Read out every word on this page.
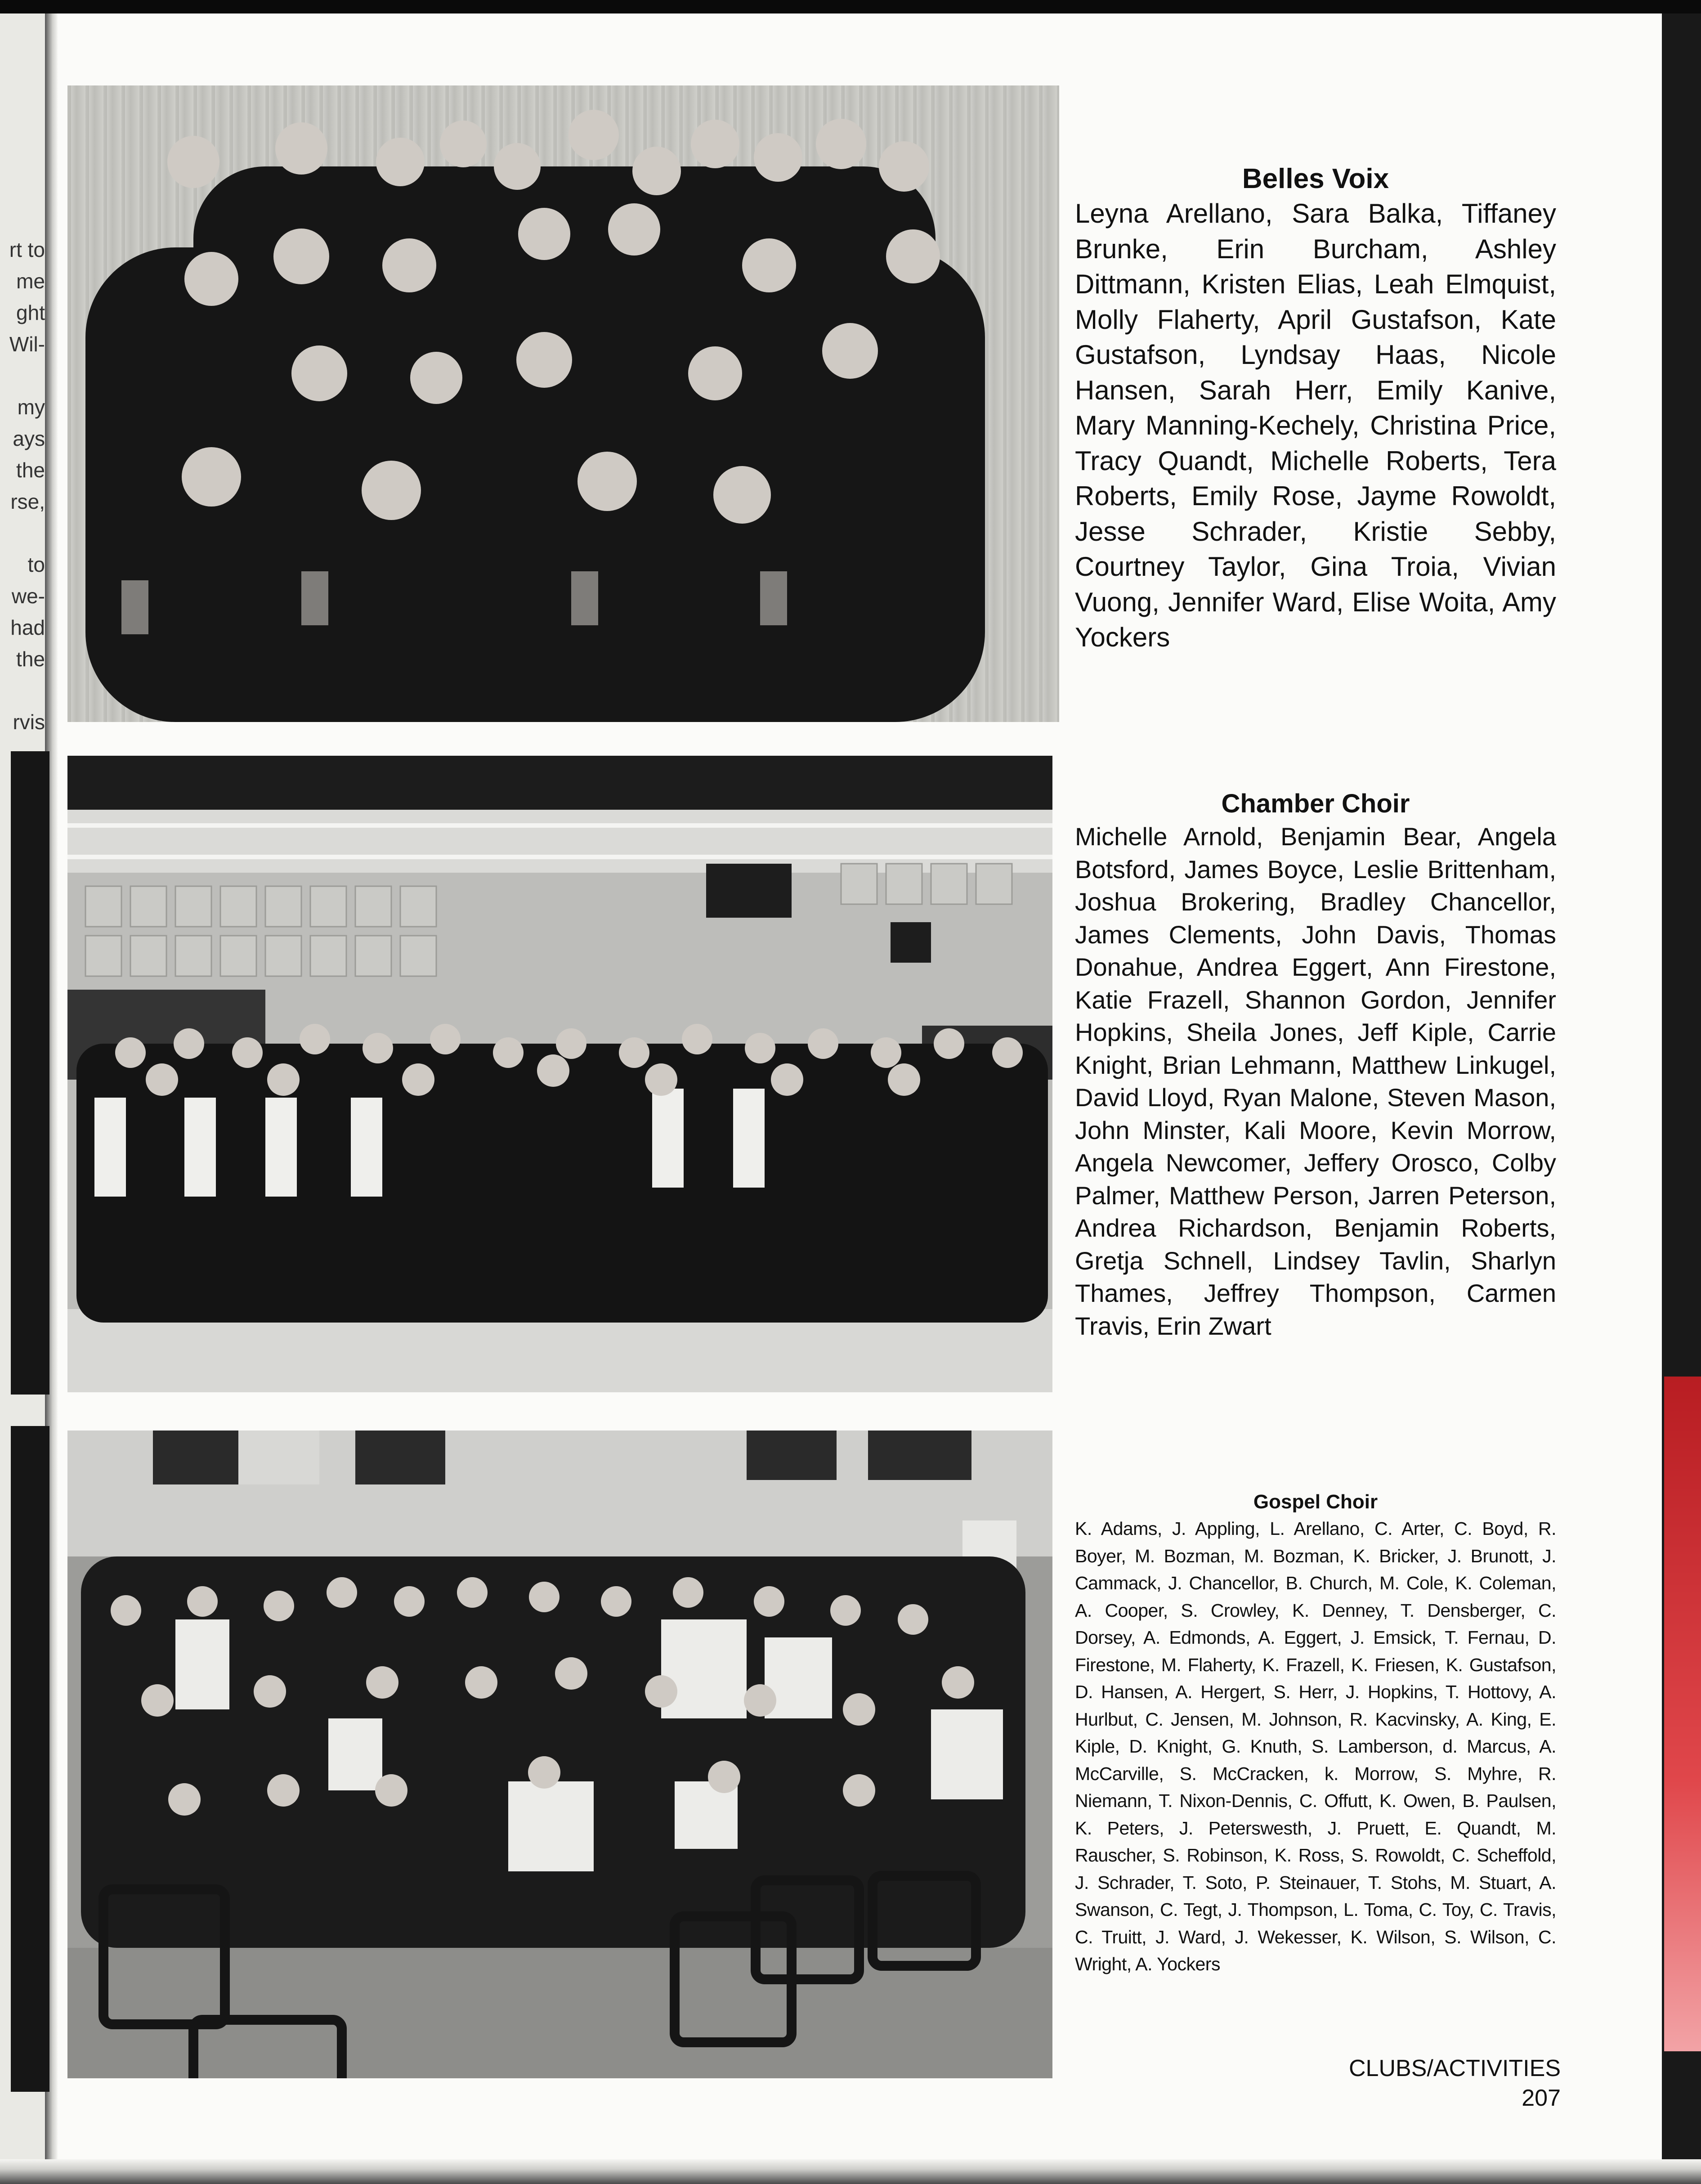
rt to
me
ght
Wil-

my
ays
the
rse,

to
we-
had
the

rvis
Belles Voix

Leyna Arellano, Sara Balka, Tiffaney Brunke, Erin Burcham, Ashley Dittmann, Kristen Elias, Leah Elmquist, Molly Flaherty, April Gustafson, Kate Gustafson, Lyndsay Haas, Nicole Hansen, Sarah Herr, Emily Kanive, Mary Manning-Kechely, Christina Price, Tracy Quandt, Michelle Roberts, Tera Roberts, Emily Rose, Jayme Rowoldt, Jesse Schrader, Kristie Sebby, Courtney Taylor, Gina Troia, Vivian Vuong, Jennifer Ward, Elise Woita, Amy Yockers

Chamber Choir

Michelle Arnold, Benjamin Bear, Angela Botsford, James Boyce, Leslie Brittenham, Joshua Brokering, Bradley Chancellor, James Clements, John Davis, Thomas Donahue, Andrea Eggert, Ann Firestone, Katie Frazell, Shannon Gordon, Jennifer Hopkins, Sheila Jones, Jeff Kiple, Carrie Knight, Brian Lehmann, Matthew Linkugel, David Lloyd, Ryan Malone, Steven Mason, John Minster, Kali Moore, Kevin Morrow, Angela Newcomer, Jeffery Orosco, Colby Palmer, Matthew Person, Jarren Peterson, Andrea Richardson, Benjamin Roberts, Gretja Schnell, Lindsey Tavlin, Sharlyn Thames, Jeffrey Thompson, Carmen Travis, Erin Zwart

Gospel Choir

K. Adams, J. Appling, L. Arellano, C. Arter, C. Boyd, R. Boyer, M. Bozman, M. Bozman, K. Bricker, J. Brunott, J. Cammack, J. Chancellor, B. Church, M. Cole, K. Coleman, A. Cooper, S. Crowley, K. Denney, T. Densberger, C. Dorsey, A. Edmonds, A. Eggert, J. Emsick, T. Fernau, D. Firestone, M. Flaherty, K. Frazell, K. Friesen, K. Gustafson, D. Hansen, A. Hergert, S. Herr, J. Hopkins, T. Hottovy, A. Hurlbut, C. Jensen, M. Johnson, R. Kacvinsky, A. King, E. Kiple, D. Knight, G. Knuth, S. Lamberson, d. Marcus, A. McCarville, S. McCracken, k. Morrow, S. Myhre, R. Niemann, T. Nixon-Dennis, C. Offutt, K. Owen, B. Paulsen, K. Peters, J. Peterswesth, J. Pruett, E. Quandt, M. Rauscher, S. Robinson, K. Ross, S. Rowoldt, C. Scheffold, J. Schrader, T. Soto, P. Steinauer, T. Stohs, M. Stuart, A. Swanson, C. Tegt, J. Thompson, L. Toma, C. Toy, C. Travis, C. Truitt, J. Ward, J. Wekesser, K. Wilson, S. Wilson, C. Wright, A. Yockers

CLUBS/ACTIVITIES 207
